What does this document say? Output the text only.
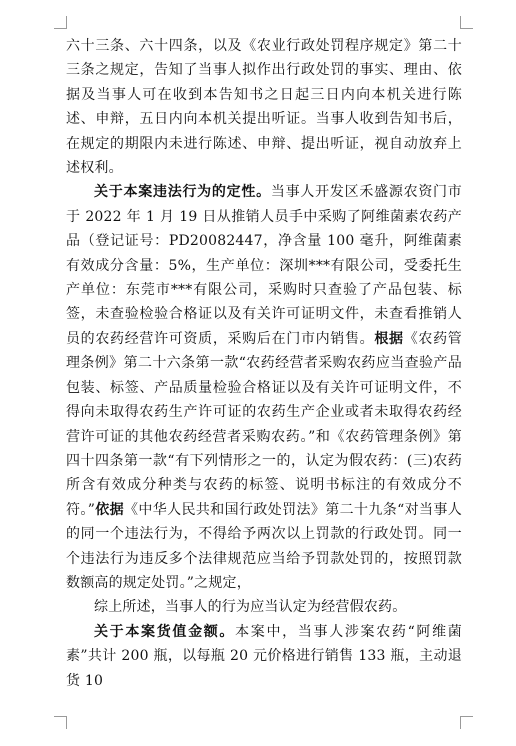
六十三条、六十四条，以及《农业行政处罚程序规定》第二十三条之规定，告知了当事人拟作出行政处罚的事实、理由、依据及当事人可在收到本告知书之日起三日内向本机关进行陈述、申辩，五日内向本机关提出听证。当事人收到告知书后，在规定的期限内未进行陈述、申辩、提出听证，视自动放弃上述权利。

关于本案违法行为的定性。当事人开发区禾盛源农资门市于 2022 年 1 月 19 日从推销人员手中采购了阿维菌素农药产品（登记证号：PD20082447，净含量 100 毫升，阿维菌素有效成分含量：5%，生产单位：深圳***有限公司，受委托生产单位：东莞市***有限公司，采购时只查验了产品包装、标签，未查验检验合格证以及有关许可证明文件，未查看推销人员的农药经营许可资质，采购后在门市内销售。根据《农药管理条例》第二十六条第一款“农药经营者采购农药应当查验产品包装、标签、产品质量检验合格证以及有关许可证明文件，不得向未取得农药生产许可证的农药生产企业或者未取得农药经营许可证的其他农药经营者采购农药。”和《农药管理条例》第四十四条第一款“有下列情形之一的，认定为假农药：(三)农药所含有效成分种类与农药的标签、说明书标注的有效成分不符。”依据《中华人民共和国行政处罚法》第二十九条“对当事人的同一个违法行为，不得给予两次以上罚款的行政处罚。同一个违法行为违反多个法律规范应当给予罚款处罚的，按照罚款数额高的规定处罚。”之规定，

综上所述，当事人的行为应当认定为经营假农药。

关于本案货值金额。本案中，当事人涉案农药“阿维菌素”共计 200 瓶，以每瓶 20 元价格进行销售 133 瓶，主动退货 10
